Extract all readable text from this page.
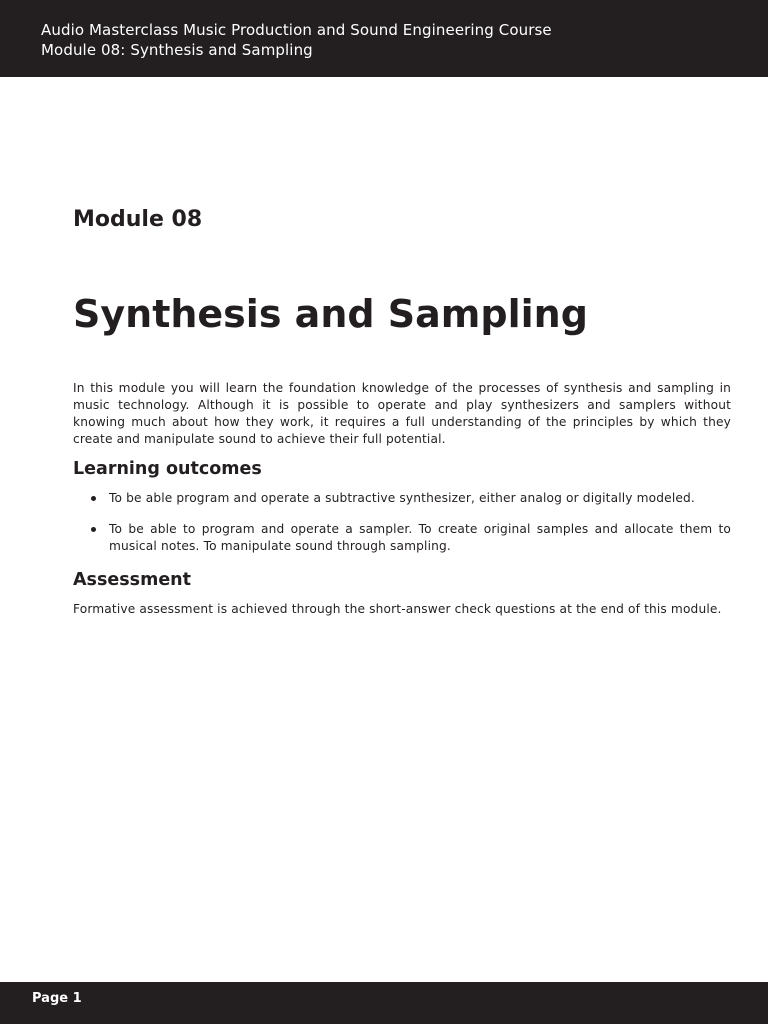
Audio Masterclass Music Production and Sound Engineering Course
Module 08: Synthesis and Sampling
Module 08
Synthesis and Sampling

In this module you will learn the foundation knowledge of the processes of synthesis and sampling in music technology. Although it is possible to operate and play synthesizers and samplers without knowing much about how they work, it requires a full understanding of the principles by which they create and manipulate sound to achieve their full potential.

Learning outcomes
To be able program and operate a subtractive synthesizer, either analog or digitally modeled.
To be able to program and operate a sampler. To create original samples and allocate them to musical notes. To manipulate sound through sampling.
Assessment

Formative assessment is achieved through the short-answer check questions at the end of this module.

Page 1
